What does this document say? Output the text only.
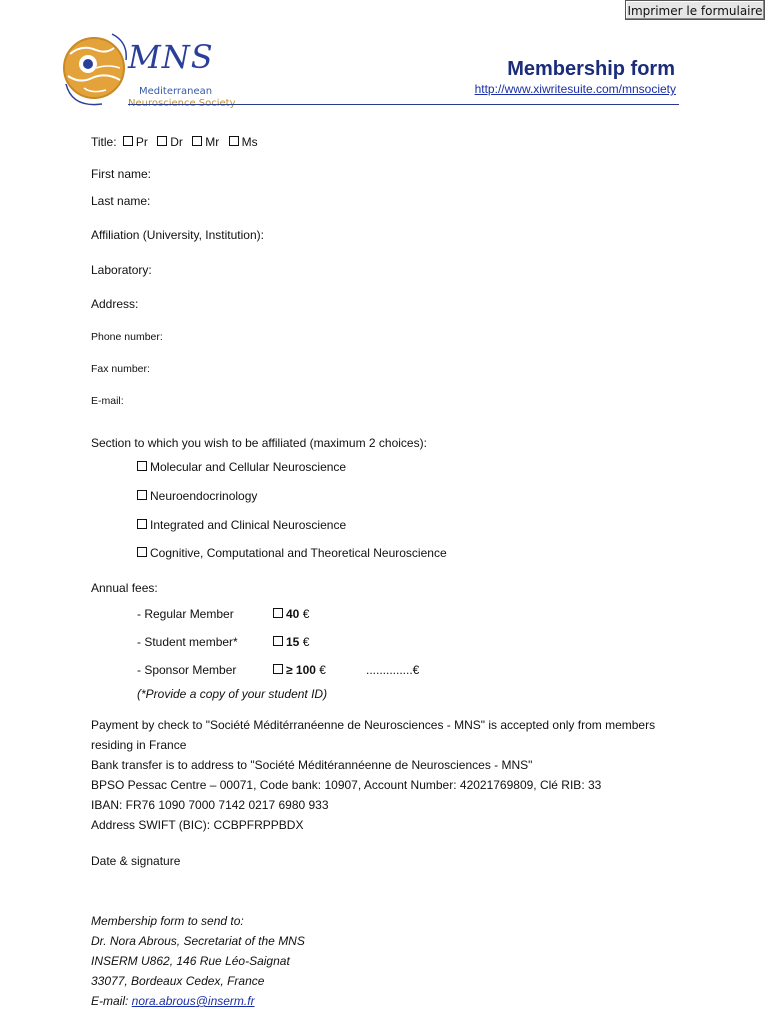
Imprimer le formulaire
MNS
Mediterranean
Membership form
http://www.xiwritesuite.com/mnsociety
Title: Pr Dr Mr Ms
First name:
Last name:
Affiliation (University, Institution):
Laboratory:
Address:
Phone number:
Fax number:
E-mail:
Section to which you wish to be affiliated (maximum 2 choices):
Molecular and Cellular Neuroscience
Neuroendocrinology
Integrated and Clinical Neuroscience
Cognitive, Computational and Theoretical Neuroscience
Annual fees:
- Regular Member	40 €
- Student member*	15 €
- Sponsor Member	≥ 100 €	..............€
(*Provide a copy of your student ID)
Payment by check to "Société Méditérranéenne de Neurosciences - MNS" is accepted only from members
residing in France
Bank transfer is to address to "Société Méditérannéenne de Neurosciences - MNS"
BPSO Pessac Centre – 00071, Code bank: 10907, Account Number: 42021769809, Clé RIB: 33
IBAN: FR76 1090 7000 7142 0217 6980 933
Address SWIFT (BIC): CCBPFRPPBDX
Date & signature
Membership form to send to:
Dr. Nora Abrous, Secretariat of the MNS
INSERM U862, 146 Rue Léo-Saignat
33077, Bordeaux Cedex, France
E-mail: nora.abrous@inserm.fr
